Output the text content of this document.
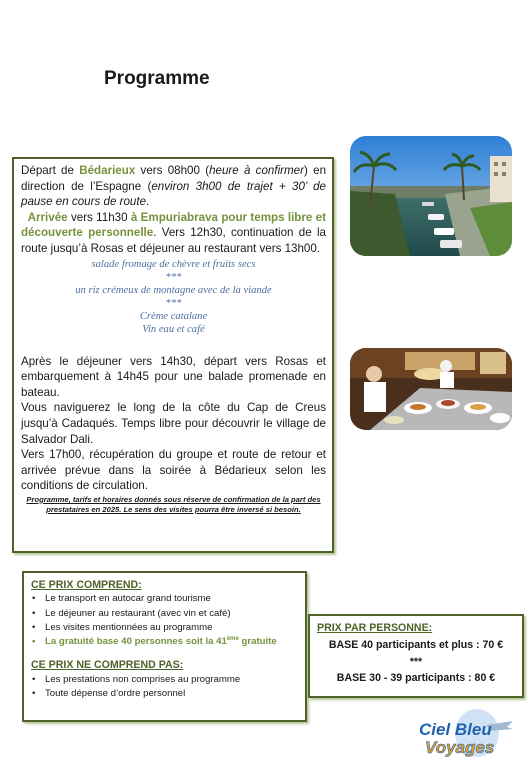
Programme

Départ de Bédarieux vers 08h00 (heure à confirmer) en direction de l’Espagne (environ 3h00 de trajet + 30’ de pause en cours de route.
Arrivée vers 11h30 à Empuriabrava pour temps libre et découverte personnelle. Vers 12h30, continuation de la route jusqu’à Rosas et déjeuner au restaurant vers 13h00.

salade fromage de chèvre et fruits secs
***
un riz crémeux de montagne avec de la viande
***
Crème catalane
Vin eau et café

Après le déjeuner vers 14h30, départ vers Rosas et embarquement à 14h45 pour une balade promenade en bateau.

Vous naviguerez le long de la côte du Cap de Creus jusqu’à Cadaqués. Temps libre pour découvrir le village de Salvador Dali.

Vers 17h00, récupération du groupe et route de retour et arrivée prévue dans la soirée à Bédarieux selon les conditions de circulation.

Programme, tarifs et horaires donnés sous réserve de confirmation de la part des prestataires en 2025. Le sens des visites pourra être inversé si besoin.
CE PRIX COMPREND:
• Le transport en autocar grand tourisme
• Le déjeuner au restaurant (avec vin et café)
• Les visites mentionnées au programme
• La gratuité base 40 personnes soit la 41ème gratuite
CE PRIX NE COMPREND PAS:
• Les prestations non comprises au programme
• Toute dépense d’ordre personnel
PRIX PAR PERSONNE:
BASE 40 participants et plus : 70 €
***
BASE 30 - 39 participants : 80 €
Ciel Bleu
Voyages
